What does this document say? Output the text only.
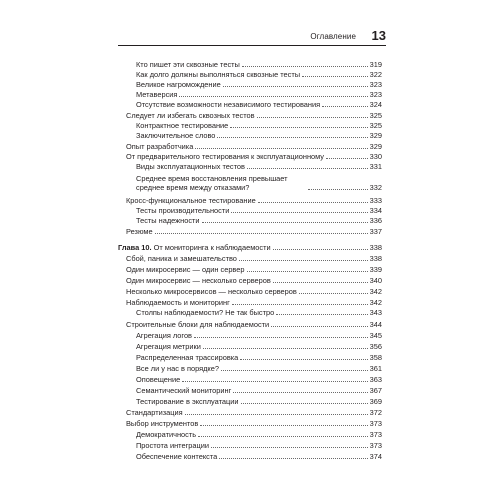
Оглавление 13
Кто пишет эти сквозные тесты	319
Как долго должны выполняться сквозные тесты	322
Великое нагромождение	323
Метаверсия	323
Отсутствие возможности независимого тестирования	324
Следует ли избегать сквозных тестов	325
Контрактное тестирование	325
Заключительное слово	329
Опыт разработчика	329
От предварительного тестирования к эксплуатационному	330
Виды эксплуатационных тестов	331
Среднее время восстановления превышает среднее время между отказами?	332
Кросс-функциональное тестирование	333
Тесты производительности	334
Тесты надежности	336
Резюме	337
Глава 10. От мониторинга к наблюдаемости	338
Сбой, паника и замешательство	338
Один микросервис — один сервер	339
Один микросервис — несколько серверов	340
Несколько микросервисов — несколько серверов	342
Наблюдаемость и мониторинг	342
Столпы наблюдаемости? Не так быстро	343
Строительные блоки для наблюдаемости	344
Агрегация логов	345
Агрегация метрики	356
Распределенная трассировка	358
Все ли у нас в порядке?	361
Оповещение	363
Семантический мониторинг	367
Тестирование в эксплуатации	369
Стандартизация	372
Выбор инструментов	373
Демократичность	373
Простота интеграции	373
Обеспечение контекста	374
